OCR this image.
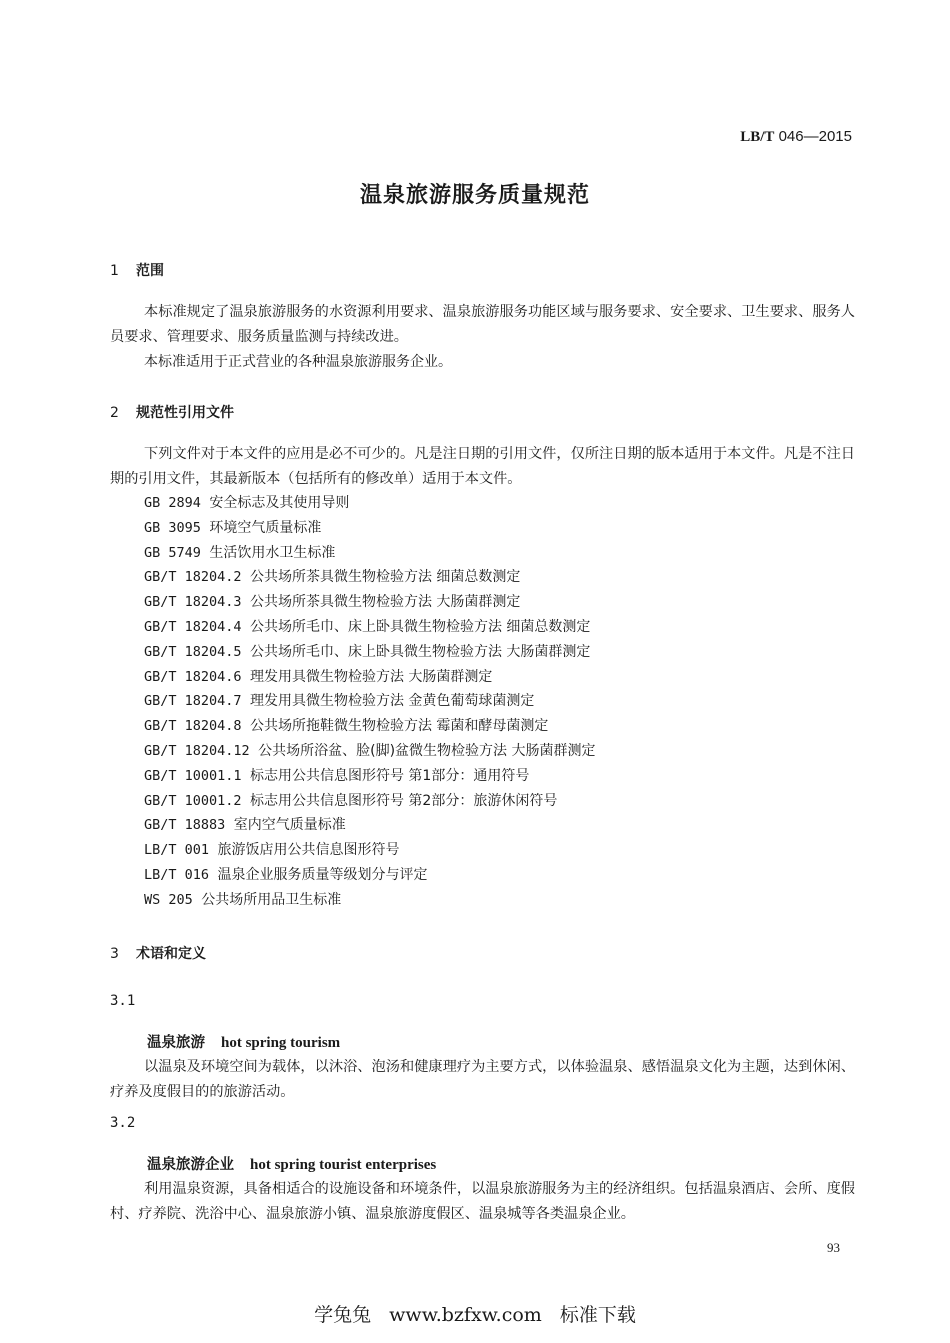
LB/T 046—2015
温泉旅游服务质量规范
1 范围

本标准规定了温泉旅游服务的水资源利用要求、温泉旅游服务功能区域与服务要求、安全要求、卫生要求、服务人员要求、管理要求、服务质量监测与持续改进。

本标准适用于正式营业的各种温泉旅游服务企业。

2 规范性引用文件

下列文件对于本文件的应用是必不可少的。凡是注日期的引用文件，仅所注日期的版本适用于本文件。凡是不注日期的引用文件，其最新版本（包括所有的修改单）适用于本文件。

GB 2894 安全标志及其使用导则
GB 3095 环境空气质量标准
GB 5749 生活饮用水卫生标准
GB/T 18204.2 公共场所茶具微生物检验方法 细菌总数测定
GB/T 18204.3 公共场所茶具微生物检验方法 大肠菌群测定
GB/T 18204.4 公共场所毛巾、床上卧具微生物检验方法 细菌总数测定
GB/T 18204.5 公共场所毛巾、床上卧具微生物检验方法 大肠菌群测定
GB/T 18204.6 理发用具微生物检验方法 大肠菌群测定
GB/T 18204.7 理发用具微生物检验方法 金黄色葡萄球菌测定
GB/T 18204.8 公共场所拖鞋微生物检验方法 霉菌和酵母菌测定
GB/T 18204.12 公共场所浴盆、脸(脚)盆微生物检验方法 大肠菌群测定
GB/T 10001.1 标志用公共信息图形符号 第1部分：通用符号
GB/T 10001.2 标志用公共信息图形符号 第2部分：旅游休闲符号
GB/T 18883 室内空气质量标准
LB/T 001 旅游饭店用公共信息图形符号
LB/T 016 温泉企业服务质量等级划分与评定
WS 205 公共场所用品卫生标准
3 术语和定义
3.1
温泉旅游 hot spring tourism

以温泉及环境空间为载体，以沐浴、泡汤和健康理疗为主要方式，以体验温泉、感悟温泉文化为主题，达到休闲、疗养及度假目的的旅游活动。

3.2
温泉旅游企业 hot spring tourist enterprises

利用温泉资源，具备相适合的设施设备和环境条件，以温泉旅游服务为主的经济组织。包括温泉酒店、会所、度假村、疗养院、洗浴中心、温泉旅游小镇、温泉旅游度假区、温泉城等各类温泉企业。

93
学兔兔 www.bzfxw.com 标准下载
